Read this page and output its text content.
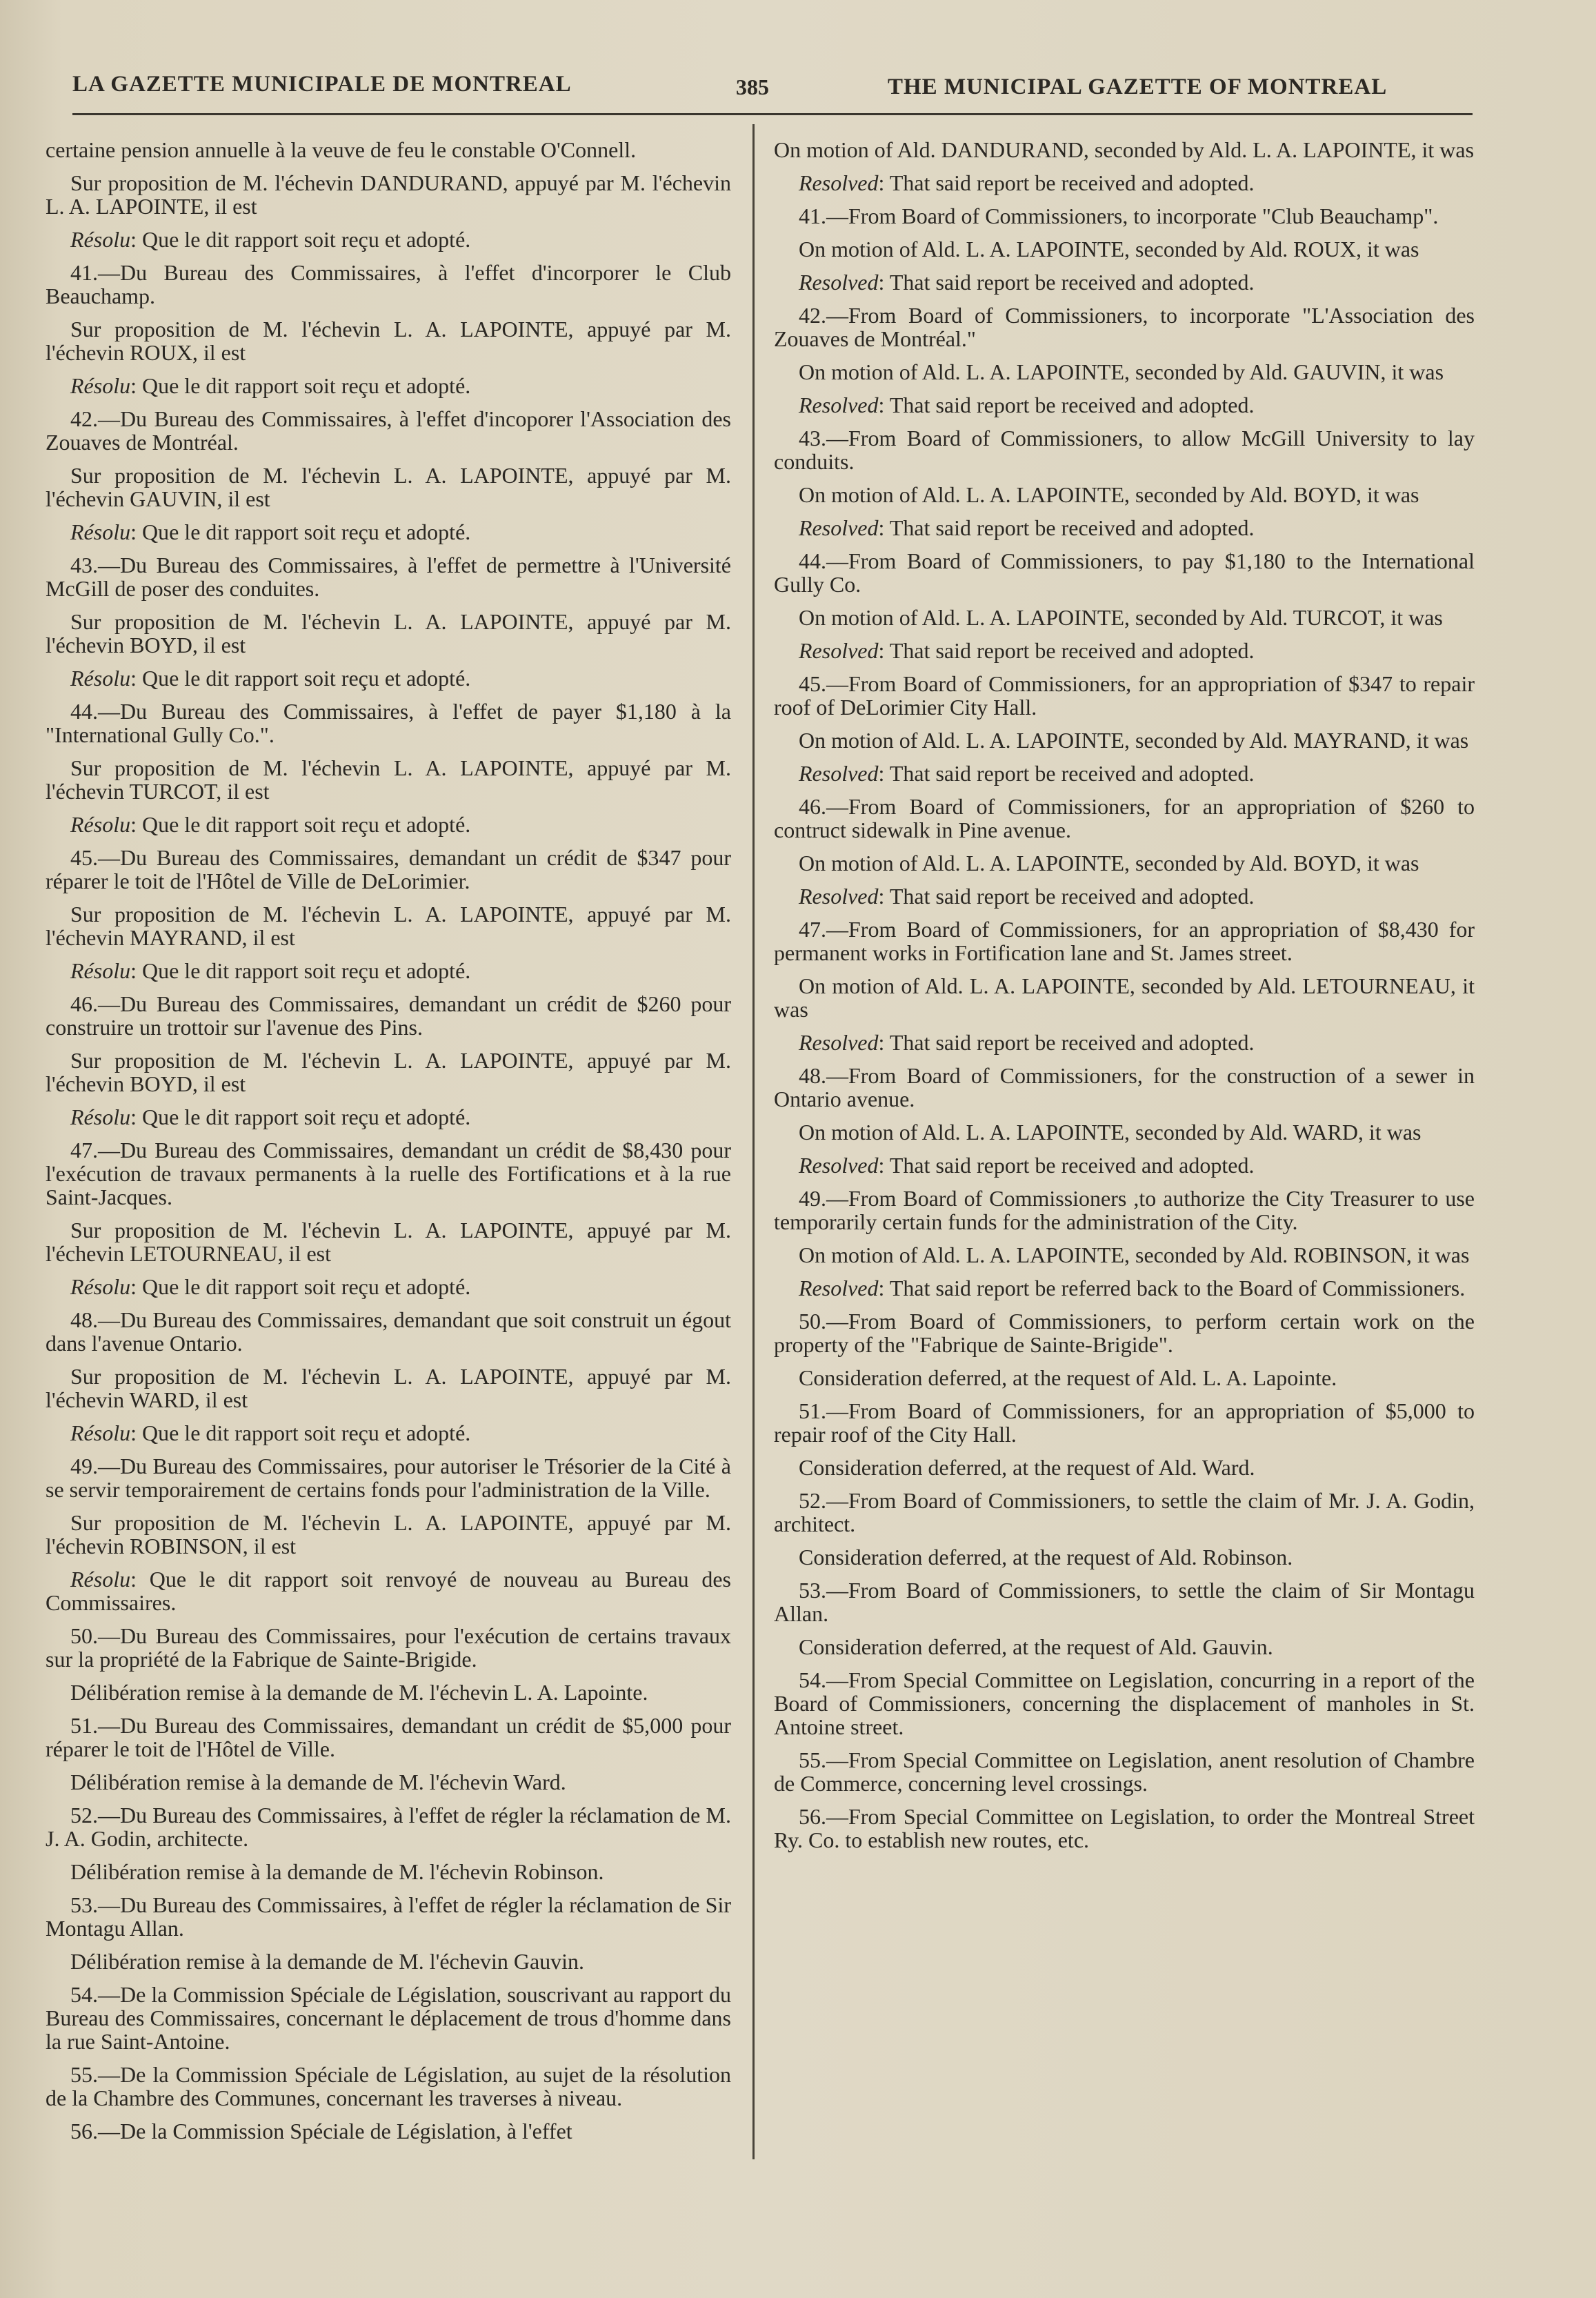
LA GAZETTE MUNICIPALE DE MONTREAL	385	THE MUNICIPAL GAZETTE OF MONTREAL

certaine pension annuelle à la veuve de feu le constable O'Connell.

Sur proposition de M. l'échevin DANDURAND, appuyé par M. l'échevin L. A. LAPOINTE, il est

Résolu: Que le dit rapport soit reçu et adopté.

41.—Du Bureau des Commissaires, à l'effet d'incorporer le Club Beauchamp.

Sur proposition de M. l'échevin L. A. LAPOINTE, appuyé par M. l'échevin ROUX, il est

Résolu: Que le dit rapport soit reçu et adopté.

42.—Du Bureau des Commissaires, à l'effet d'incoporer l'Association des Zouaves de Montréal.

Sur proposition de M. l'échevin L. A. LAPOINTE, appuyé par M. l'échevin GAUVIN, il est

Résolu: Que le dit rapport soit reçu et adopté.

43.—Du Bureau des Commissaires, à l'effet de permettre à l'Université McGill de poser des conduites.

Sur proposition de M. l'échevin L. A. LAPOINTE, appuyé par M. l'échevin BOYD, il est

Résolu: Que le dit rapport soit reçu et adopté.

44.—Du Bureau des Commissaires, à l'effet de payer $1,180 à la "International Gully Co.".

Sur proposition de M. l'échevin L. A. LAPOINTE, appuyé par M. l'échevin TURCOT, il est

Résolu: Que le dit rapport soit reçu et adopté.

45.—Du Bureau des Commissaires, demandant un crédit de $347 pour réparer le toit de l'Hôtel de Ville de DeLorimier.

Sur proposition de M. l'échevin L. A. LAPOINTE, appuyé par M. l'échevin MAYRAND, il est

Résolu: Que le dit rapport soit reçu et adopté.

46.—Du Bureau des Commissaires, demandant un crédit de $260 pour construire un trottoir sur l'avenue des Pins.

Sur proposition de M. l'échevin L. A. LAPOINTE, appuyé par M. l'échevin BOYD, il est

Résolu: Que le dit rapport soit reçu et adopté.

47.—Du Bureau des Commissaires, demandant un crédit de $8,430 pour l'exécution de travaux permanents à la ruelle des Fortifications et à la rue Saint-Jacques.

Sur proposition de M. l'échevin L. A. LAPOINTE, appuyé par M. l'échevin LETOURNEAU, il est

Résolu: Que le dit rapport soit reçu et adopté.

48.—Du Bureau des Commissaires, demandant que soit construit un égout dans l'avenue Ontario.

Sur proposition de M. l'échevin L. A. LAPOINTE, appuyé par M. l'échevin WARD, il est

Résolu: Que le dit rapport soit reçu et adopté.

49.—Du Bureau des Commissaires, pour autoriser le Trésorier de la Cité à se servir temporairement de certains fonds pour l'administration de la Ville.

Sur proposition de M. l'échevin L. A. LAPOINTE, appuyé par M. l'échevin ROBINSON, il est

Résolu: Que le dit rapport soit renvoyé de nouveau au Bureau des Commissaires.

50.—Du Bureau des Commissaires, pour l'exécution de certains travaux sur la propriété de la Fabrique de Sainte-Brigide.

Délibération remise à la demande de M. l'échevin L. A. Lapointe.

51.—Du Bureau des Commissaires, demandant un crédit de $5,000 pour réparer le toit de l'Hôtel de Ville.

Délibération remise à la demande de M. l'échevin Ward.

52.—Du Bureau des Commissaires, à l'effet de régler la réclamation de M. J. A. Godin, architecte.

Délibération remise à la demande de M. l'échevin Robinson.

53.—Du Bureau des Commissaires, à l'effet de régler la réclamation de Sir Montagu Allan.

Délibération remise à la demande de M. l'échevin Gauvin.

54.—De la Commission Spéciale de Législation, souscrivant au rapport du Bureau des Commissaires, concernant le déplacement de trous d'homme dans la rue Saint-Antoine.

55.—De la Commission Spéciale de Législation, au sujet de la résolution de la Chambre des Communes, concernant les traverses à niveau.

56.—De la Commission Spéciale de Législation, à l'effet

On motion of Ald. DANDURAND, seconded by Ald. L. A. LAPOINTE, it was

Resolved: That said report be received and adopted.

41.—From Board of Commissioners, to incorporate "Club Beauchamp".

On motion of Ald. L. A. LAPOINTE, seconded by Ald. ROUX, it was

Resolved: That said report be received and adopted.

42.—From Board of Commissioners, to incorporate "L'Association des Zouaves de Montréal."

On motion of Ald. L. A. LAPOINTE, seconded by Ald. GAUVIN, it was

Resolved: That said report be received and adopted.

43.—From Board of Commissioners, to allow McGill University to lay conduits.

On motion of Ald. L. A. LAPOINTE, seconded by Ald. BOYD, it was

Resolved: That said report be received and adopted.

44.—From Board of Commissioners, to pay $1,180 to the International Gully Co.

On motion of Ald. L. A. LAPOINTE, seconded by Ald. TURCOT, it was

Resolved: That said report be received and adopted.

45.—From Board of Commissioners, for an appropriation of $347 to repair roof of DeLorimier City Hall.

On motion of Ald. L. A. LAPOINTE, seconded by Ald. MAYRAND, it was

Resolved: That said report be received and adopted.

46.—From Board of Commissioners, for an appropriation of $260 to contruct sidewalk in Pine avenue.

On motion of Ald. L. A. LAPOINTE, seconded by Ald. BOYD, it was

Resolved: That said report be received and adopted.

47.—From Board of Commissioners, for an appropriation of $8,430 for permanent works in Fortification lane and St. James street.

On motion of Ald. L. A. LAPOINTE, seconded by Ald. LETOURNEAU, it was

Resolved: That said report be received and adopted.

48.—From Board of Commissioners, for the construction of a sewer in Ontario avenue.

On motion of Ald. L. A. LAPOINTE, seconded by Ald. WARD, it was

Resolved: That said report be received and adopted.

49.—From Board of Commissioners ,to authorize the City Treasurer to use temporarily certain funds for the administration of the City.

On motion of Ald. L. A. LAPOINTE, seconded by Ald. ROBINSON, it was

Resolved: That said report be referred back to the Board of Commissioners.

50.—From Board of Commissioners, to perform certain work on the property of the "Fabrique de Sainte-Brigide".

Consideration deferred, at the request of Ald. L. A. Lapointe.

51.—From Board of Commissioners, for an appropriation of $5,000 to repair roof of the City Hall.

Consideration deferred, at the request of Ald. Ward.

52.—From Board of Commissioners, to settle the claim of Mr. J. A. Godin, architect.

Consideration deferred, at the request of Ald. Robinson.

53.—From Board of Commissioners, to settle the claim of Sir Montagu Allan.

Consideration deferred, at the request of Ald. Gauvin.

54.—From Special Committee on Legislation, concurring in a report of the Board of Commissioners, concerning the displacement of manholes in St. Antoine street.

55.—From Special Committee on Legislation, anent resolution of Chambre de Commerce, concerning level crossings.

56.—From Special Committee on Legislation, to order the Montreal Street Ry. Co. to establish new routes, etc.
